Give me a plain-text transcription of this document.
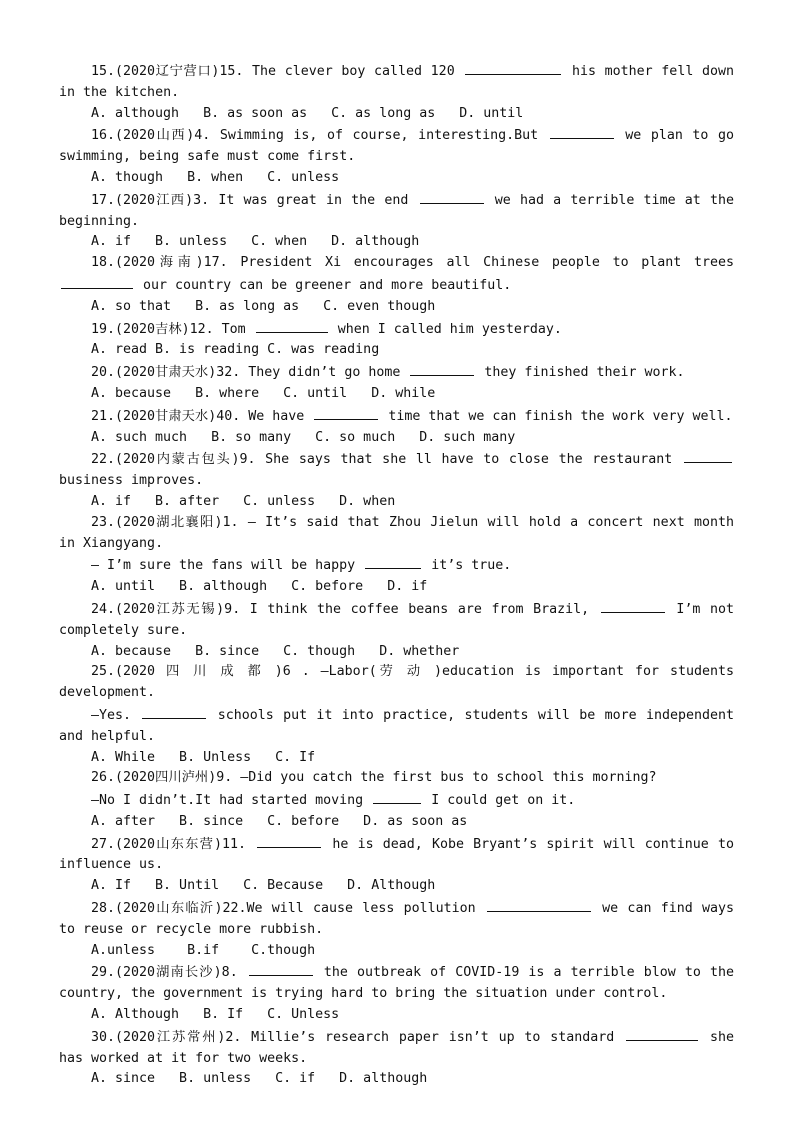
15.(2020辽宁营口)15. The clever boy called 120	his mother fell down in the kitchen.
A. although   B. as soon as   C. as long as   D. until
16.(2020山西)4. Swimming is, of course, interesting.But	we plan to go swimming, being safe must come first.
A. though   B. when   C. unless
17.(2020江西)3. It was great in the end	we had a terrible time at the beginning.
A. if   B. unless   C. when   D. although
18.(2020海南)17. President Xi encourages all Chinese people to plant trees  our country can be greener and more beautiful.
A. so that   B. as long as   C. even though
19.(2020吉林)12. Tom	when I called him yesterday.
A. read B. is reading C. was reading
20.(2020甘肃天水)32. They didn’t go home	they finished their work.
A. because   B. where   C. until   D. while
21.(2020甘肃天水)40. We have	time that we can finish the work very well.
A. such much   B. so many   C. so much   D. such many
22.(2020内蒙古包头)9. She says that she ll have to close the restaurant  business improves.
A. if   B. after   C. unless   D. when
23.(2020湖北襄阳)1. — It’s said that Zhou Jielun will hold a concert next month in Xiangyang.
— I’m sure the fans will be happy	it’s true.
A. until   B. although   C. before   D. if
24.(2020江苏无锡)9. I think the coffee beans are from Brazil,	I’m not completely sure.
A. because   B. since   C. though   D. whether
25.(2020 四 川 成 都 )6 . —Labor(劳 动 )education is important for students development.
—Yes.	schools put it into practice, students will be more independent and helpful.
A. While   B. Unless   C. If
26.(2020四川泸州)9. —Did you catch the first bus to school this morning?
—No I didn’t.It had started moving	I could get on it.
A. after   B. since   C. before   D. as soon as
27.(2020山东东营)11.	he is dead, Kobe Bryant’s spirit will continue to influence us.
A. If   B. Until   C. Because   D. Although
28.(2020山东临沂)22.We will cause less pollution	we can find ways to reuse or recycle more rubbish.
A.unless    B.if    C.though
29.(2020湖南长沙)8.	the outbreak of COVID-19 is a terrible blow to the country, the government is trying hard to bring the situation under control.
A. Although   B. If   C. Unless
30.(2020江苏常州)2. Millie’s research paper isn’t up to standard	she has worked at it for two weeks.
A. since   B. unless   C. if   D. although
